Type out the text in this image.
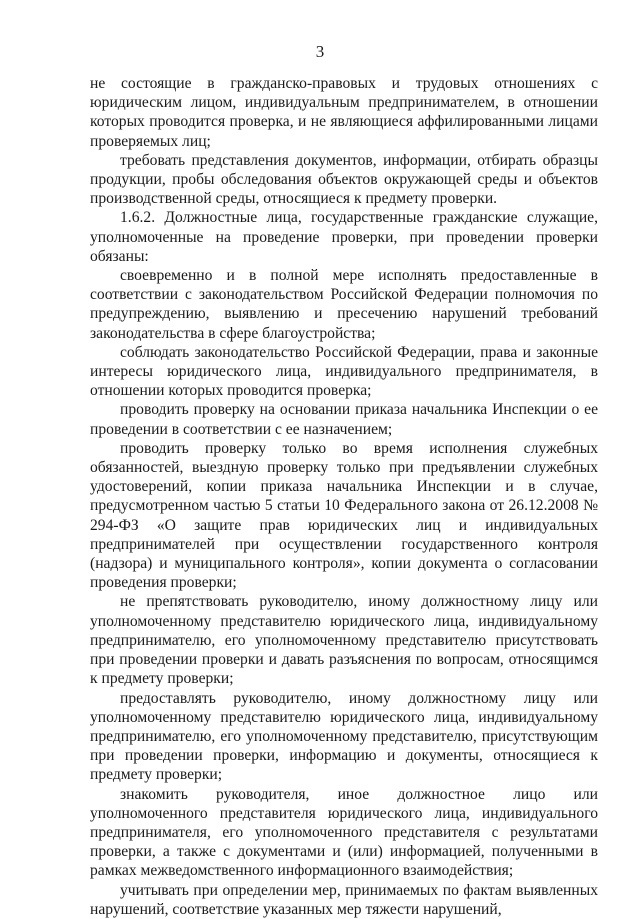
3

не состоящие в гражданско-правовых и трудовых отношениях с юридическим лицом, индивидуальным предпринимателем, в отношении которых проводится проверка, и не являющиеся аффилированными лицами проверяемых лиц;

требовать представления документов, информации, отбирать образцы продукции, пробы обследования объектов окружающей среды и объектов производственной среды, относящиеся к предмету проверки.

1.6.2. Должностные лица, государственные гражданские служащие, уполномоченные на проведение проверки, при проведении проверки обязаны:

своевременно и в полной мере исполнять предоставленные в соответствии с законодательством Российской Федерации полномочия по предупреждению, выявлению и пресечению нарушений требований законодательства в сфере благоустройства;

соблюдать законодательство Российской Федерации, права и законные интересы юридического лица, индивидуального предпринимателя, в отношении которых проводится проверка;

проводить проверку на основании приказа начальника Инспекции о ее проведении в соответствии с ее назначением;

проводить проверку только во время исполнения служебных обязанностей, выездную проверку только при предъявлении служебных удостоверений, копии приказа начальника Инспекции и в случае, предусмотренном частью 5 статьи 10 Федерального закона от 26.12.2008 № 294-ФЗ «О защите прав юридических лиц и индивидуальных предпринимателей при осуществлении государственного контроля (надзора) и муниципального контроля», копии документа о согласовании проведения проверки;

не препятствовать руководителю, иному должностному лицу или уполномоченному представителю юридического лица, индивидуальному предпринимателю, его уполномоченному представителю присутствовать при проведении проверки и давать разъяснения по вопросам, относящимся к предмету проверки;

предоставлять руководителю, иному должностному лицу или уполномоченному представителю юридического лица, индивидуальному предпринимателю, его уполномоченному представителю, присутствующим при проведении проверки, информацию и документы, относящиеся к предмету проверки;

знакомить руководителя, иное должностное лицо или уполномоченного представителя юридического лица, индивидуального предпринимателя, его уполномоченного представителя с результатами проверки, а также с документами и (или) информацией, полученными в рамках межведомственного информационного взаимодействия;

учитывать при определении мер, принимаемых по фактам выявленных нарушений, соответствие указанных мер тяжести нарушений,
